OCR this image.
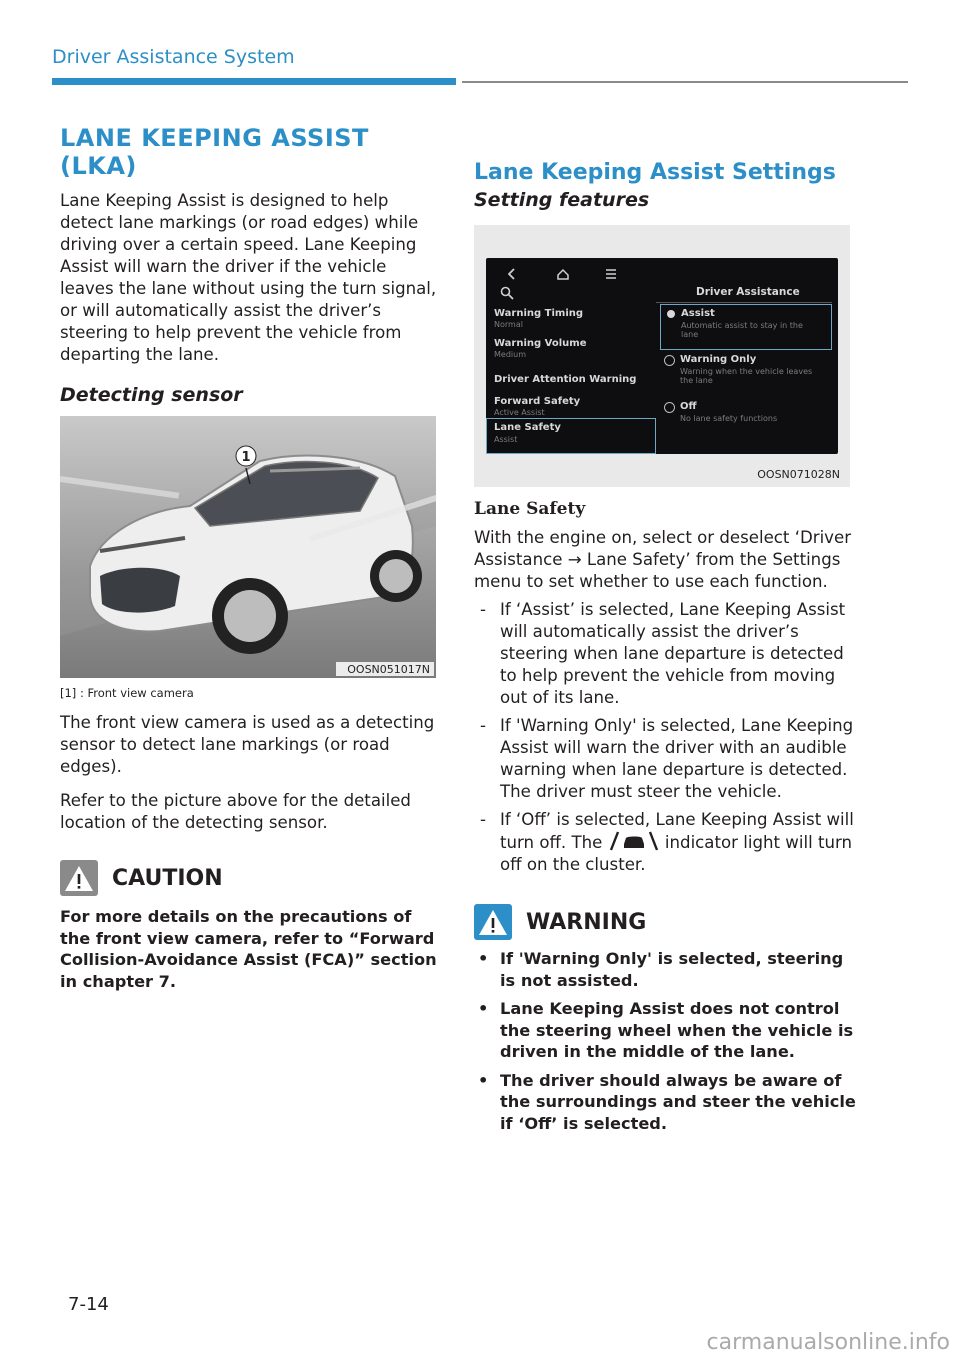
Driver Assistance System
LANE KEEPING ASSIST (LKA)

Lane Keeping Assist is designed to help detect lane markings (or road edges) while driving over a certain speed. Lane Keeping Assist will warn the driver if the vehicle leaves the lane without using the turn signal, or will automatically assist the driver’s steering to help prevent the vehicle from departing the lane.

Detecting sensor
1
OOSN051017N
[1] : Front view camera

The front view camera is used as a detecting sensor to detect lane markings (or road edges).

Refer to the picture above for the detailed location of the detecting sensor.

CAUTION
For more details on the precautions of the front view camera, refer to “Forward Collision-Avoidance Assist (FCA)” section in chapter 7.
Lane Keeping Assist Settings
Setting features
Driver Assistance
Warning Timing
Normal
Warning Volume
Medium
Driver Attention Warning
Forward Safety
Active Assist
Lane Safety
Assist
Assist
Automatic assist to stay in the lane
Warning Only
Warning when the vehicle leaves the lane
Off
No lane safety functions
OOSN071028N
Lane Safety

With the engine on, select or deselect ‘Driver Assistance → Lane Safety’ from the Settings menu to set whether to use each function.

- If ‘Assist’ is selected, Lane Keeping Assist will automatically assist the driver’s steering when lane departure is detected to help prevent the vehicle from moving out of its lane.
- If 'Warning Only' is selected, Lane Keeping Assist will warn the driver with an audible warning when lane departure is detected. The driver must steer the vehicle.
- If ‘Off’ is selected, Lane Keeping Assist will turn off. The	indicator light will turn off on the cluster.
WARNING
• If 'Warning Only' is selected, steering is not assisted.
• Lane Keeping Assist does not control the steering wheel when the vehicle is driven in the middle of the lane.
• The driver should always be aware of the surroundings and steer the vehicle if ‘Off’ is selected.
7-14
carmanualsonline.info
